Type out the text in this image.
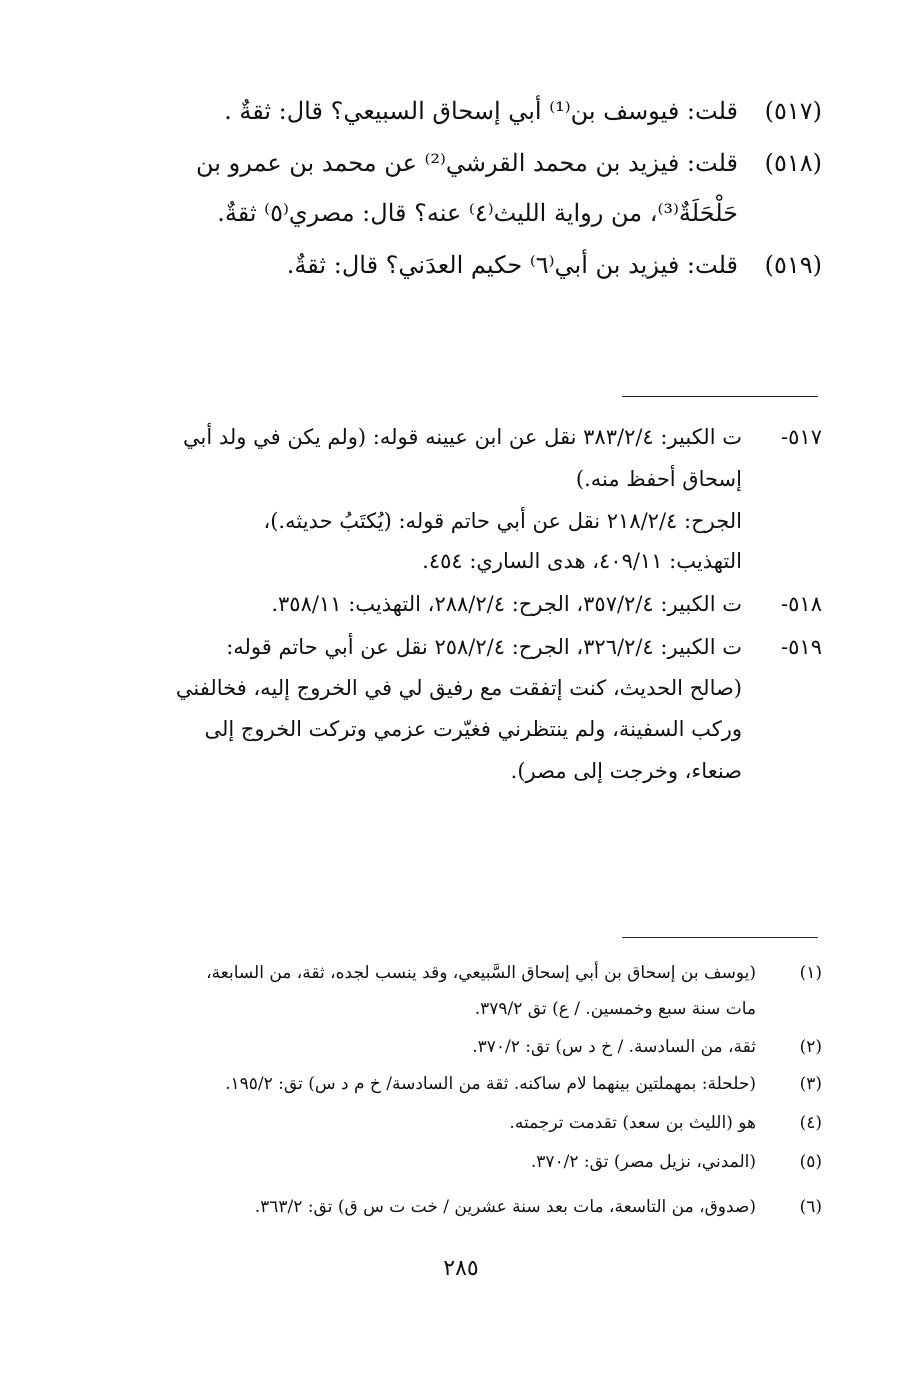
(٥١٧)قلت: فيوسف بن⁽¹⁾ أبي إسحاق السبيعي؟ قال: ثقةٌ .
(٥١٨)قلت: فيزيد بن محمد القرشي⁽²⁾ عن محمد بن عمرو بن
حَلْحَلَةٌ⁽³⁾، من رواية الليث⁽٤⁾ عنه؟ قال: مصري⁽٥⁾ ثقةٌ.
(٥١٩)قلت: فيزيد بن أبي⁽٦⁾ حكيم العدَني؟ قال: ثقةٌ.
٥١٧-ت الكبير: ٣٨٣/٢/٤ نقل عن ابن عيينه قوله: (ولم يكن في ولد أبي
إسحاق أحفظ منه.)
الجرح: ٢١٨/٢/٤ نقل عن أبي حاتم قوله: (يُكتَبُ حديثه.)،
التهذيب: ٤٠٩/١١، هدى الساري: ٤٥٤.
٥١٨-ت الكبير: ٣٥٧/٢/٤، الجرح: ٢٨٨/٢/٤، التهذيب: ٣٥٨/١١.
٥١٩-ت الكبير: ٣٢٦/٢/٤، الجرح: ٢٥٨/٢/٤ نقل عن أبي حاتم قوله:
(صالح الحديث، كنت إتفقت مع رفيق لي في الخروج إليه، فخالفني
وركب السفينة، ولم ينتظرني فغيّرت عزمي وتركت الخروج إلى
صنعاء، وخرجت إلى مصر).
(١)(يوسف بن إسحاق بن أبي إسحاق السَّبيعي، وقد ينسب لجده، ثقة، من السابعة،
مات سنة سبع وخمسين. / ع) تق ٣٧٩/٢.
(٢)ثقة، من السادسة. / خ د س) تق: ٣٧٠/٢.
(٣)(حلحلة: بمهملتين بينهما لام ساكنه. ثقة من السادسة/ خ م د س) تق: ١٩٥/٢.
(٤)هو (الليث بن سعد) تقدمت ترجمته.
(٥)(المدني، نزيل مصر) تق: ٣٧٠/٢.
(٦)(صدوق، من التاسعة، مات بعد سنة عشرين / خت ت س ق) تق: ٣٦٣/٢.
٢٨٥
